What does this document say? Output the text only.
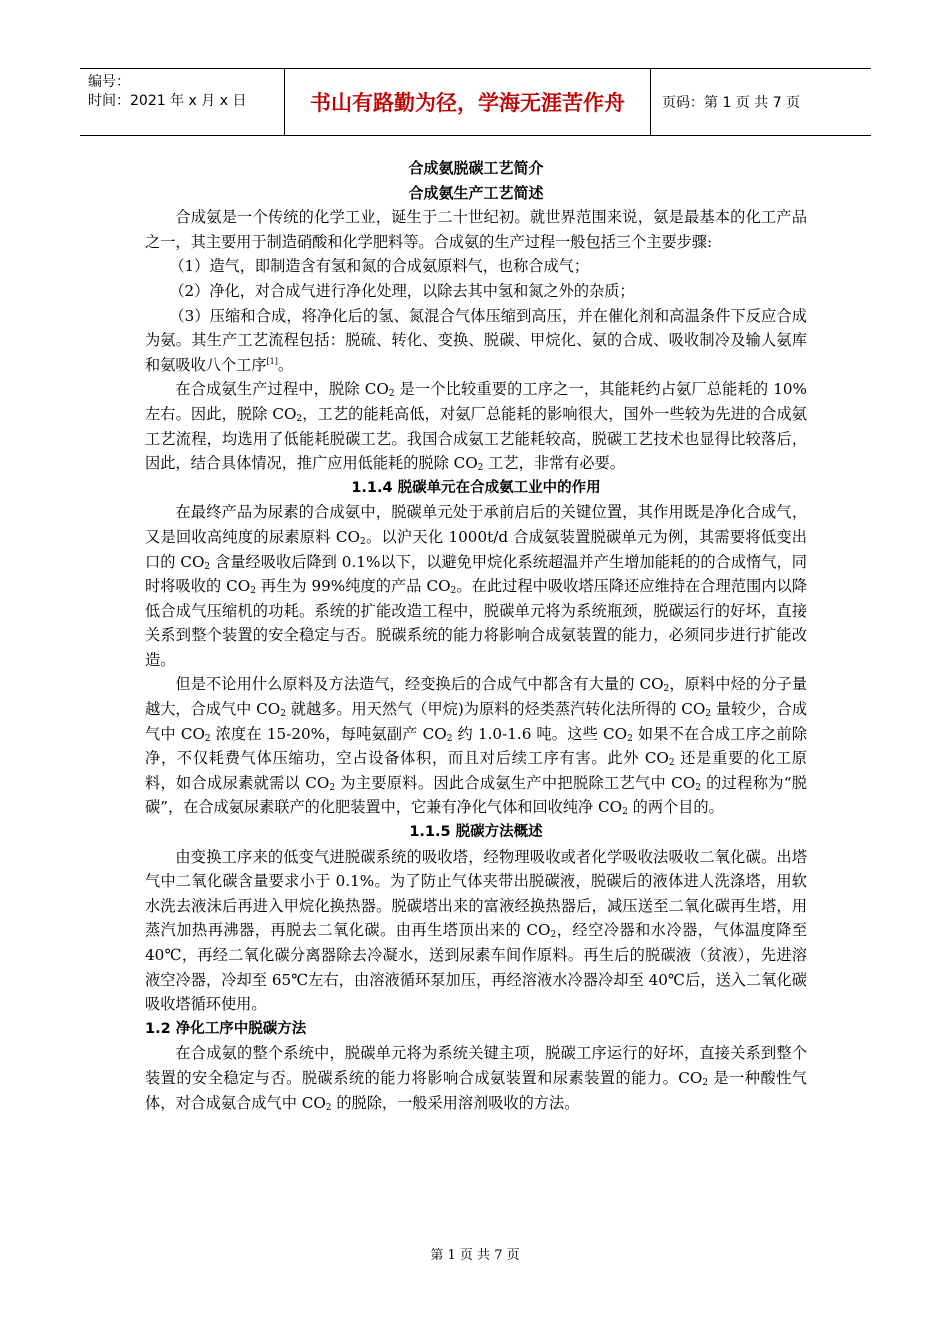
编号：
时间：2021 年 x 月 x 日	书山有路勤为径，学海无涯苦作舟	页码：第 1 页 共 7 页
合成氨脱碳工艺简介
合成氨生产工艺简述

合成氨是一个传统的化学工业，诞生于二十世纪初。就世界范围来说，氨是最基本的化工产品之一，其主要用于制造硝酸和化学肥料等。合成氨的生产过程一般包括三个主要步骤:

（1）造气，即制造含有氢和氮的合成氨原料气，也称合成气；

（2）净化，对合成气进行净化处理，以除去其中氢和氮之外的杂质；

（3）压缩和合成，将净化后的氢、氮混合气体压缩到高压，并在催化剂和高温条件下反应合成为氨。其生产工艺流程包括：脱硫、转化、变换、脱碳、甲烷化、氨的合成、吸收制冷及输人氨库和氨吸收八个工序[1]。

在合成氨生产过程中，脱除 $CO_2$ 是一个比较重要的工序之一，其能耗约占氨厂总能耗的 10%左右。因此，脱除 $CO_2$，工艺的能耗高低，对氨厂总能耗的影响很大，国外一些较为先进的合成氨工艺流程，均选用了低能耗脱碳工艺。我国合成氨工艺能耗较高，脱碳工艺技术也显得比较落后，因此，结合具体情况，推广应用低能耗的脱除 $CO_2$ 工艺，非常有必要。

1.1.4 脱碳单元在合成氨工业中的作用

在最终产品为尿素的合成氨中，脱碳单元处于承前启后的关键位置，其作用既是净化合成气，又是回收高纯度的尿素原料 $CO_2$。以沪天化 1000t/d 合成氨装置脱碳单元为例，其需要将低变出口的 $CO_2$ 含量经吸收后降到 0.1%以下，以避免甲烷化系统超温并产生增加能耗的的合成惰气，同时将吸收的 $CO_2$ 再生为 99%纯度的产品 $CO_2$。在此过程中吸收塔压降还应维持在合理范围内以降低合成气压缩机的功耗。系统的扩能改造工程中，脱碳单元将为系统瓶颈，脱碳运行的好坏，直接关系到整个装置的安全稳定与否。脱碳系统的能力将影响合成氨装置的能力，必须同步进行扩能改造。

但是不论用什么原料及方法造气，经变换后的合成气中都含有大量的 $CO_2$，原料中烃的分子量越大，合成气中 $CO_2$ 就越多。用天然气（甲烷)为原料的烃类蒸汽转化法所得的 $CO_2$ 量较少，合成气中 $CO_2$ 浓度在 15-20%，每吨氨副产 $CO_2$ 约 1.0-1.6 吨。这些 $CO_2$ 如果不在合成工序之前除净，不仅耗费气体压缩功，空占设备体积，而且对后续工序有害。此外 $CO_2$ 还是重要的化工原料，如合成尿素就需以 $CO_2$ 为主要原料。因此合成氨生产中把脱除工艺气中 $CO_2$ 的过程称为“脱碳”，在合成氨尿素联产的化肥装置中，它兼有净化气体和回收纯净 $CO_2$ 的两个目的。

1.1.5 脱碳方法概述

由变换工序来的低变气进脱碳系统的吸收塔，经物理吸收或者化学吸收法吸收二氧化碳。出塔气中二氧化碳含量要求小于 0.1%。为了防止气体夹带出脱碳液，脱碳后的液体进人洗涤塔，用软水洗去液沫后再进入甲烷化换热器。脱碳塔出来的富液经换热器后，减压送至二氧化碳再生塔，用蒸汽加热再沸器，再脱去二氧化碳。由再生塔顶出来的 $CO_2$，经空冷器和水冷器，气体温度降至 40℃，再经二氧化碳分离器除去冷凝水，送到尿素车间作原料。再生后的脱碳液（贫液），先进溶液空冷器，冷却至 65℃左右，由溶液循环泵加压，再经溶液水冷器冷却至 40℃后，送入二氧化碳吸收塔循环使用。

1.2 净化工序中脱碳方法

在合成氨的整个系统中，脱碳单元将为系统关键主项，脱碳工序运行的好坏，直接关系到整个装置的安全稳定与否。脱碳系统的能力将影响合成氨装置和尿素装置的能力。$CO_2$ 是一种酸性气体，对合成氨合成气中 $CO_2$ 的脱除，一般采用溶剂吸收的方法。

第 1 页 共 7 页
